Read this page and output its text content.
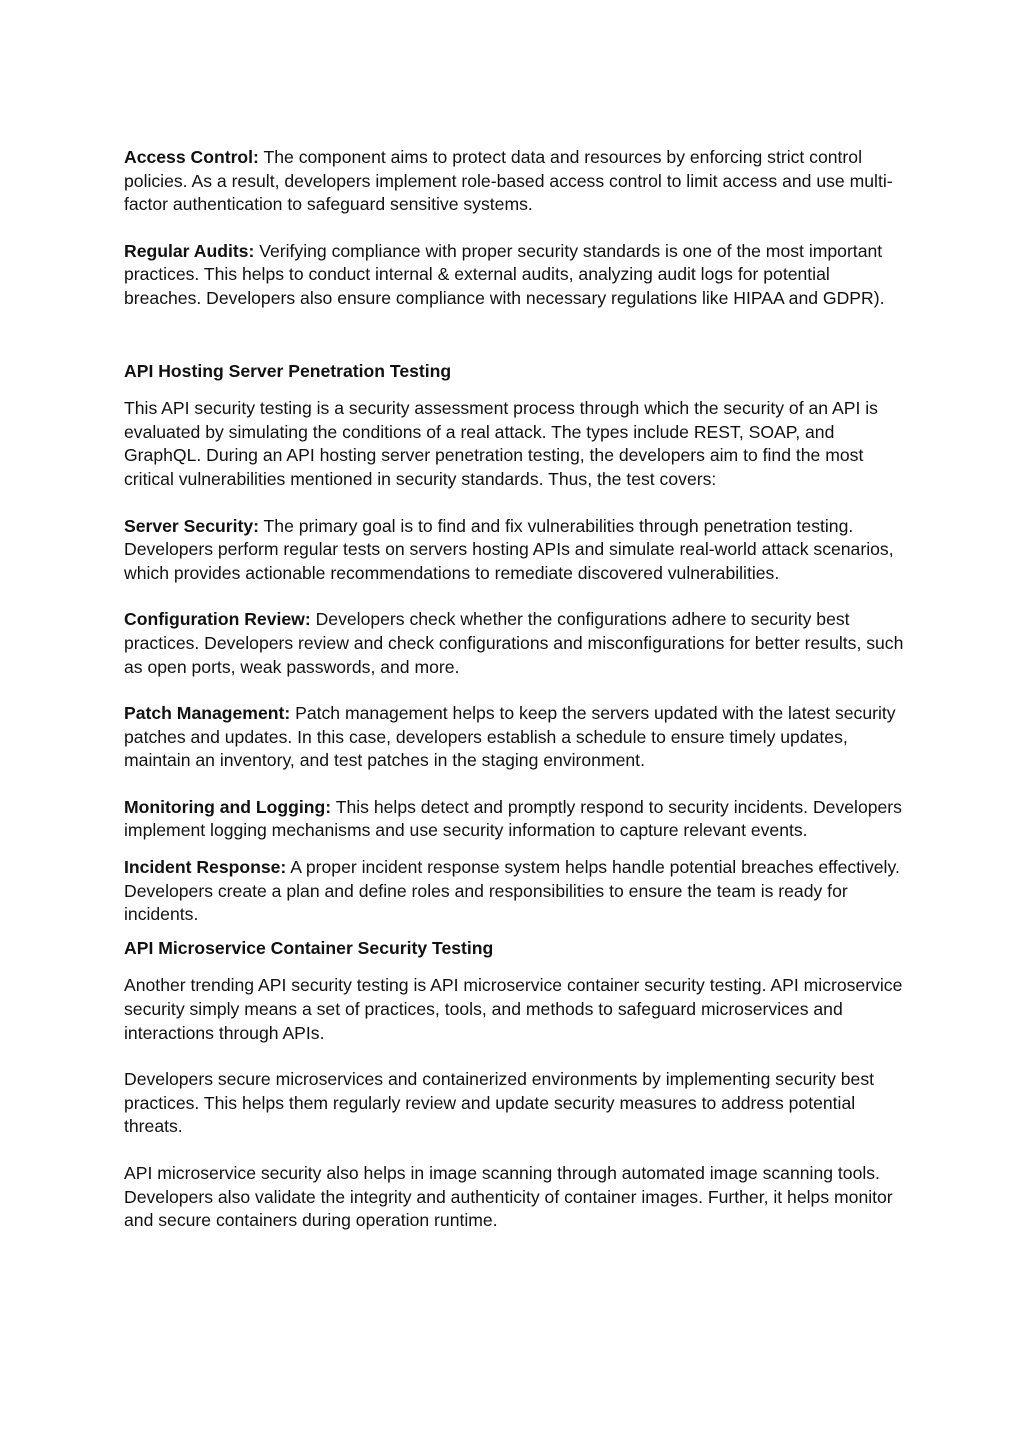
Access Control: The component aims to protect data and resources by enforcing strict control policies. As a result, developers implement role-based access control to limit access and use multi-factor authentication to safeguard sensitive systems.

Regular Audits: Verifying compliance with proper security standards is one of the most important practices. This helps to conduct internal & external audits, analyzing audit logs for potential breaches. Developers also ensure compliance with necessary regulations like HIPAA and GDPR).

API Hosting Server Penetration Testing

This API security testing is a security assessment process through which the security of an API is evaluated by simulating the conditions of a real attack. The types include REST, SOAP, and GraphQL. During an API hosting server penetration testing, the developers aim to find the most critical vulnerabilities mentioned in security standards. Thus, the test covers:

Server Security: The primary goal is to find and fix vulnerabilities through penetration testing. Developers perform regular tests on servers hosting APIs and simulate real-world attack scenarios, which provides actionable recommendations to remediate discovered vulnerabilities.

Configuration Review: Developers check whether the configurations adhere to security best practices. Developers review and check configurations and misconfigurations for better results, such as open ports, weak passwords, and more.

Patch Management: Patch management helps to keep the servers updated with the latest security patches and updates. In this case, developers establish a schedule to ensure timely updates, maintain an inventory, and test patches in the staging environment.

Monitoring and Logging: This helps detect and promptly respond to security incidents. Developers implement logging mechanisms and use security information to capture relevant events.

Incident Response: A proper incident response system helps handle potential breaches effectively. Developers create a plan and define roles and responsibilities to ensure the team is ready for incidents.

API Microservice Container Security Testing

Another trending API security testing is API microservice container security testing. API microservice security simply means a set of practices, tools, and methods to safeguard microservices and interactions through APIs.

Developers secure microservices and containerized environments by implementing security best practices. This helps them regularly review and update security measures to address potential threats.

API microservice security also helps in image scanning through automated image scanning tools. Developers also validate the integrity and authenticity of container images. Further, it helps monitor and secure containers during operation runtime.
